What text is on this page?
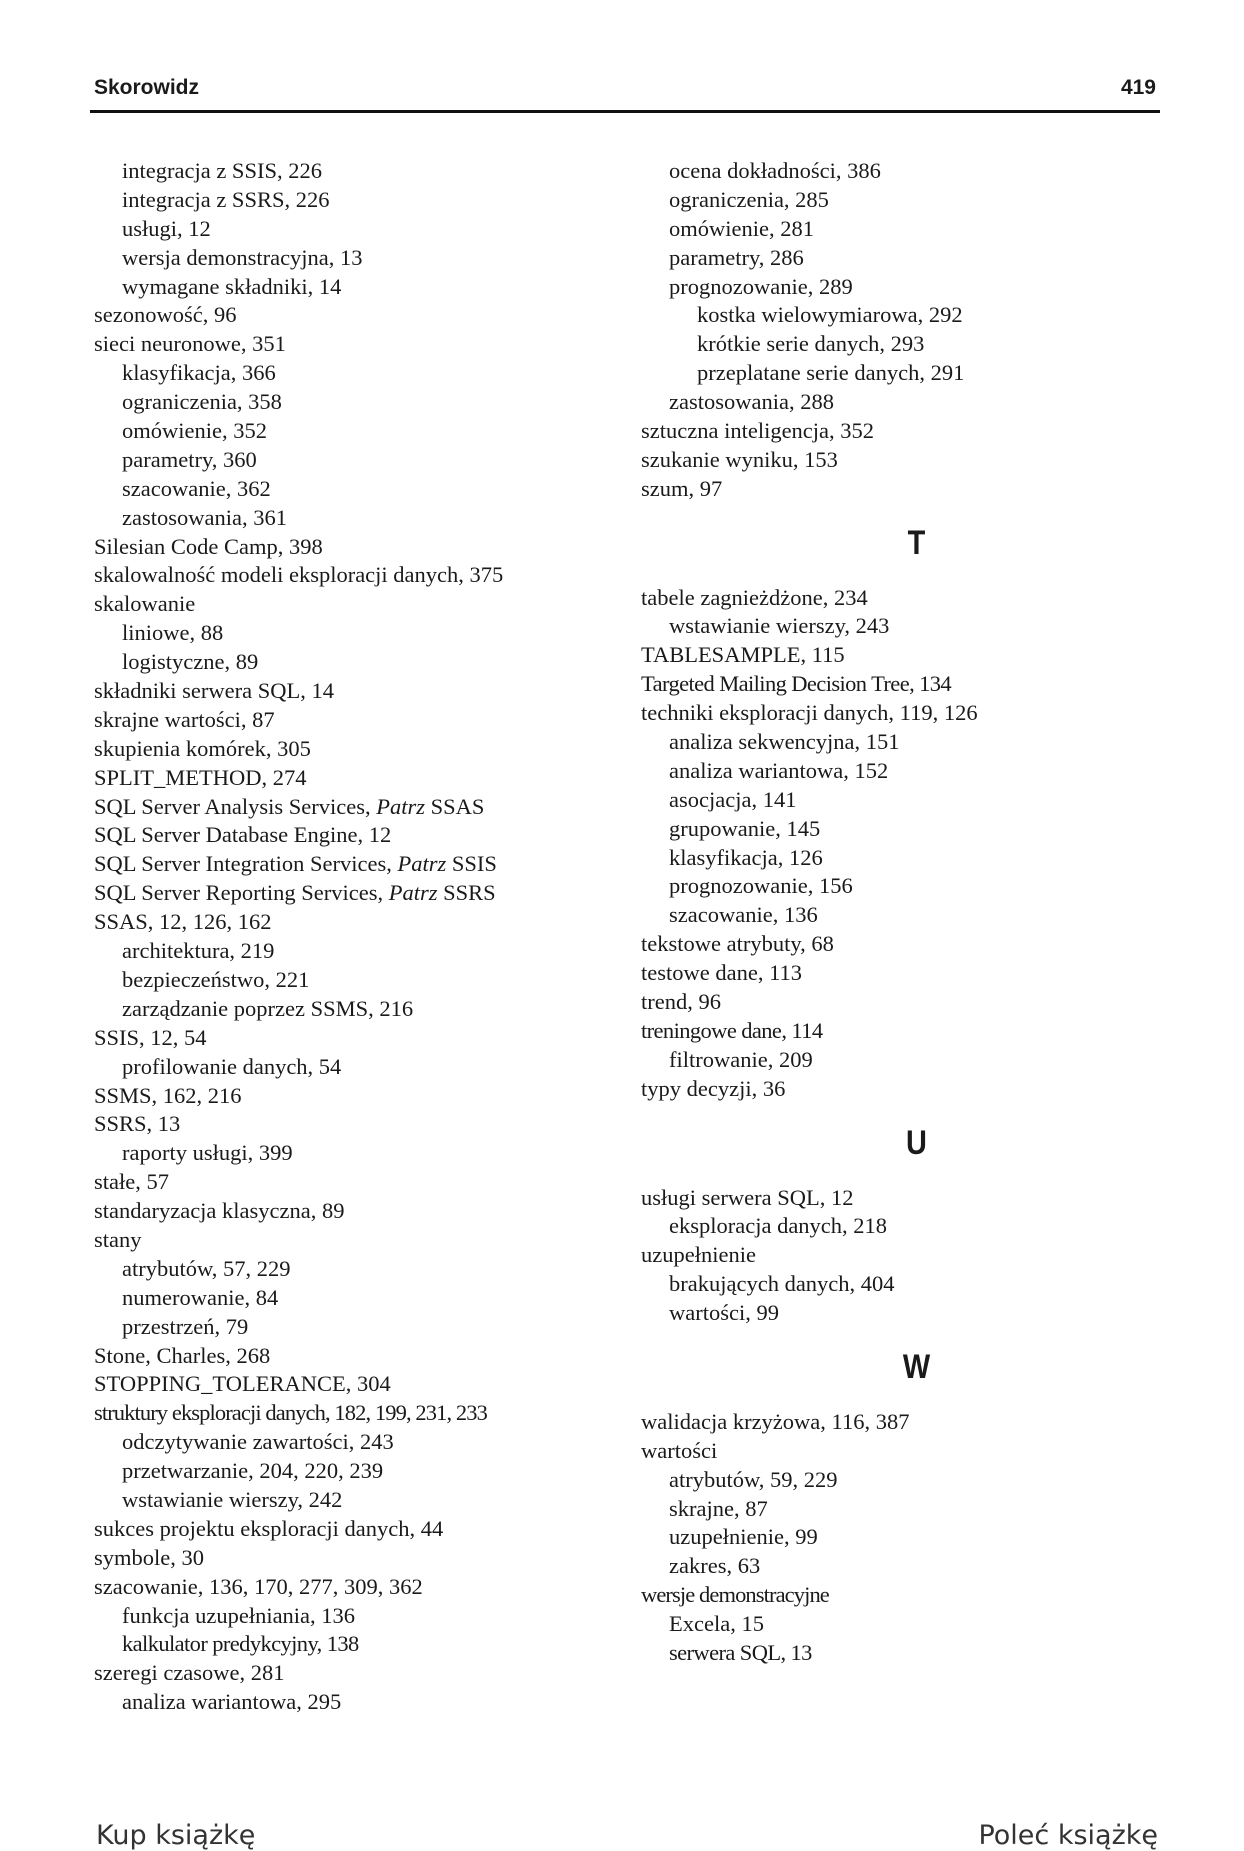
Skorowidz	419
integracja z SSIS, 226
integracja z SSRS, 226
usługi, 12
wersja demonstracyjna, 13
wymagane składniki, 14
sezonowość, 96
sieci neuronowe, 351
klasyfikacja, 366
ograniczenia, 358
omówienie, 352
parametry, 360
szacowanie, 362
zastosowania, 361
Silesian Code Camp, 398
skalowalność modeli eksploracji danych, 375
skalowanie
liniowe, 88
logistyczne, 89
składniki serwera SQL, 14
skrajne wartości, 87
skupienia komórek, 305
SPLIT_METHOD, 274
SQL Server Analysis Services, Patrz SSAS
SQL Server Database Engine, 12
SQL Server Integration Services, Patrz SSIS
SQL Server Reporting Services, Patrz SSRS
SSAS, 12, 126, 162
architektura, 219
bezpieczeństwo, 221
zarządzanie poprzez SSMS, 216
SSIS, 12, 54
profilowanie danych, 54
SSMS, 162, 216
SSRS, 13
raporty usługi, 399
stałe, 57
standaryzacja klasyczna, 89
stany
atrybutów, 57, 229
numerowanie, 84
przestrzeń, 79
Stone, Charles, 268
STOPPING_TOLERANCE, 304
struktury eksploracji danych, 182, 199, 231, 233
odczytywanie zawartości, 243
przetwarzanie, 204, 220, 239
wstawianie wierszy, 242
sukces projektu eksploracji danych, 44
symbole, 30
szacowanie, 136, 170, 277, 309, 362
funkcja uzupełniania, 136
kalkulator predykcyjny, 138
szeregi czasowe, 281
analiza wariantowa, 295
ocena dokładności, 386
ograniczenia, 285
omówienie, 281
parametry, 286
prognozowanie, 289
kostka wielowymiarowa, 292
krótkie serie danych, 293
przeplatane serie danych, 291
zastosowania, 288
sztuczna inteligencja, 352
szukanie wyniku, 153
szum, 97
T
tabele zagnieżdżone, 234
wstawianie wierszy, 243
TABLESAMPLE, 115
Targeted Mailing Decision Tree, 134
techniki eksploracji danych, 119, 126
analiza sekwencyjna, 151
analiza wariantowa, 152
asocjacja, 141
grupowanie, 145
klasyfikacja, 126
prognozowanie, 156
szacowanie, 136
tekstowe atrybuty, 68
testowe dane, 113
trend, 96
treningowe dane, 114
filtrowanie, 209
typy decyzji, 36
U
usługi serwera SQL, 12
eksploracja danych, 218
uzupełnienie
brakujących danych, 404
wartości, 99
W
walidacja krzyżowa, 116, 387
wartości
atrybutów, 59, 229
skrajne, 87
uzupełnienie, 99
zakres, 63
wersje demonstracyjne
Excela, 15
serwera SQL, 13
Kup książkę	Poleć książkę
